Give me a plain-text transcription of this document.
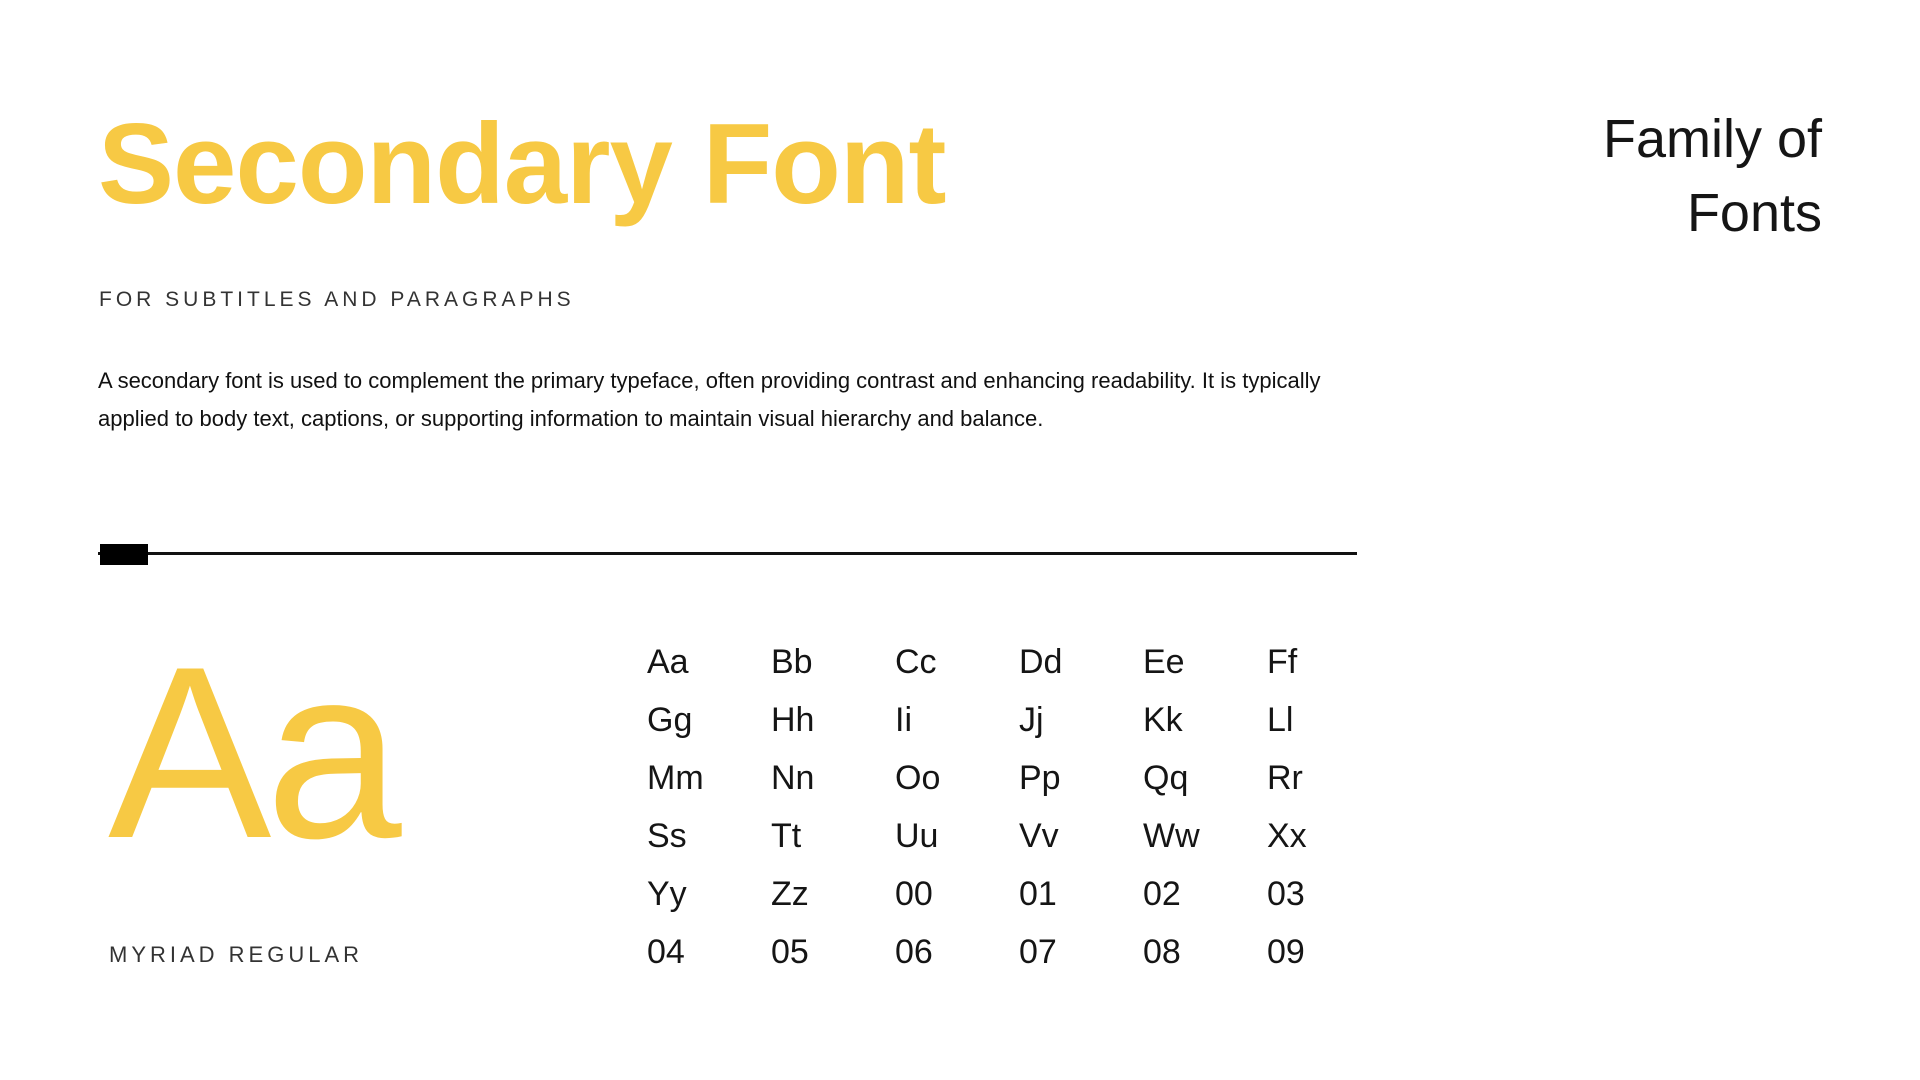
Secondary Font	Family of
Fonts
FOR SUBTITLES AND PARAGRAPHS

A secondary font is used to complement the primary typeface, often providing contrast and enhancing readability. It is typically applied to body text, captions, or supporting information to maintain visual hierarchy and balance.

Aa
MYRIAD REGULAR
Aa	Bb	Cc	Dd	Ee	Ff
Gg	Hh	Ii	Jj	Kk	Ll
Mm	Nn	Oo	Pp	Qq	Rr
Ss	Tt	Uu	Vv	Ww	Xx
Yy	Zz	00	01	02	03
04	05	06	07	08	09
